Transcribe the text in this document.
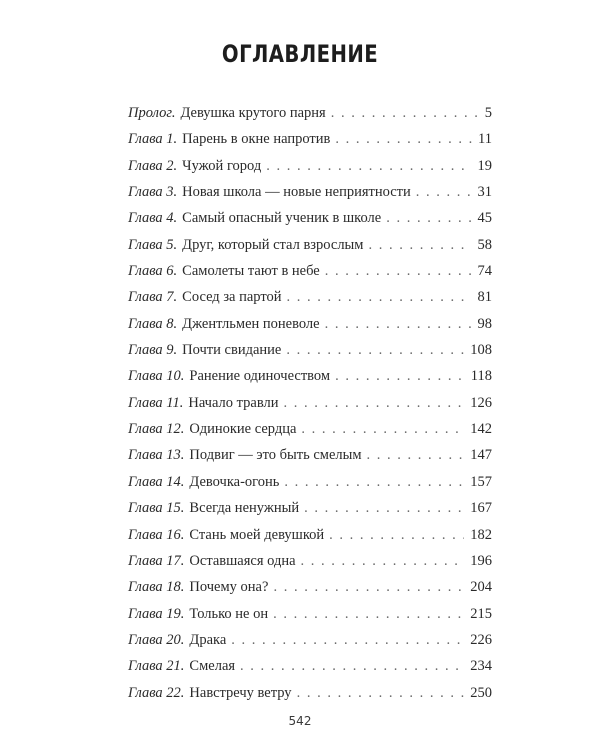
ОГЛАВЛЕНИЕ
Пролог. Девушка крутого парня . . .	5
Глава 1. Парень в окне напротив . . .	11
Глава 2. Чужой город . . .	19
Глава 3. Новая школа — новые неприятности . . .	31
Глава 4. Самый опасный ученик в школе . . .	45
Глава 5. Друг, который стал взрослым . . .	58
Глава 6. Самолеты тают в небе . . .	74
Глава 7. Сосед за партой . . .	81
Глава 8. Джентльмен поневоле . . .	98
Глава 9. Почти свидание . . .	108
Глава 10. Ранение одиночеством . . .	118
Глава 11. Начало травли . . .	126
Глава 12. Одинокие сердца . . .	142
Глава 13. Подвиг — это быть смелым . . .	147
Глава 14. Девочка-огонь . . .	157
Глава 15. Всегда ненужный . . .	167
Глава 16. Стань моей девушкой . . .	182
Глава 17. Оставшаяся одна . . .	196
Глава 18. Почему она? . . .	204
Глава 19. Только не он . . .	215
Глава 20. Драка . . .	226
Глава 21. Смелая . . .	234
Глава 22. Навстречу ветру . . .	250
542
